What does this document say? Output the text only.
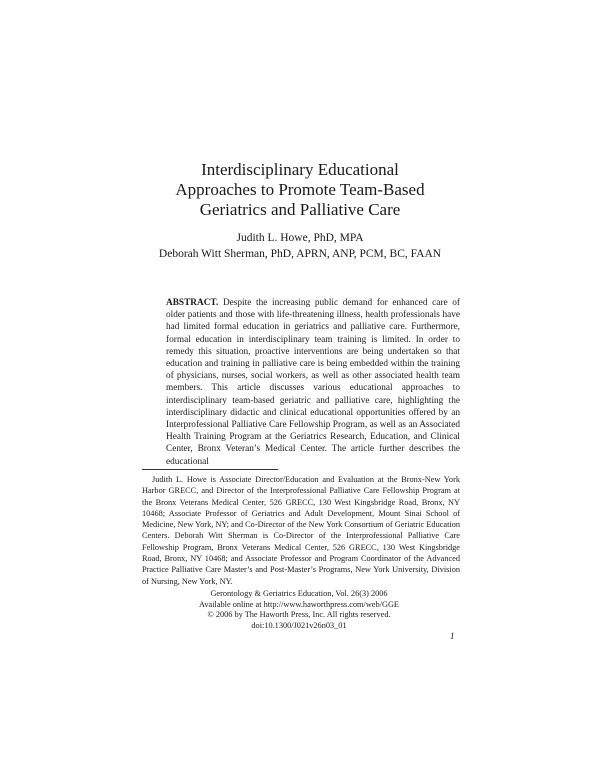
Interdisciplinary Educational
Approaches to Promote Team-Based
Geriatrics and Palliative Care
Judith L. Howe, PhD, MPA
Deborah Witt Sherman, PhD, APRN, ANP, PCM, BC, FAAN

ABSTRACT. Despite the increasing public demand for enhanced care of older patients and those with life-threatening illness, health professionals have had limited formal education in geriatrics and palliative care. Furthermore, formal education in interdisciplinary team training is limited. In order to remedy this situation, proactive interventions are being undertaken so that education and training in palliative care is being embedded within the training of physicians, nurses, social workers, as well as other associated health team members. This article discusses various educational approaches to interdisciplinary team-based geriatric and palliative care, highlighting the interdisciplinary didactic and clinical educational opportunities offered by an Interprofessional Palliative Care Fellowship Program, as well as an Associated Health Training Program at the Geriatrics Research, Education, and Clinical Center, Bronx Veteran’s Medical Center. The article further describes the educational

Judith L. Howe is Associate Director/Education and Evaluation at the Bronx-New York Harbor GRECC, and Director of the Interprofessional Palliative Care Fellowship Program at the Bronx Veterans Medical Center, 526 GRECC, 130 West Kingsbridge Road, Bronx, NY 10468; Associate Professor of Geriatrics and Adult Development, Mount Sinai School of Medicine, New York, NY; and Co-Director of the New York Consortium of Geriatric Education Centers. Deborah Witt Sherman is Co-Director of the Interprofessional Palliative Care Fellowship Program, Bronx Veterans Medical Center, 526 GRECC, 130 West Kingsbridge Road, Bronx, NY 10468; and Associate Professor and Program Coordinator of the Advanced Practice Palliative Care Master’s and Post-Master’s Programs, New York University, Division of Nursing, New York, NY.

Gerontology & Geriatrics Education, Vol. 26(3) 2006
Available online at http://www.haworthpress.com/web/GGE
© 2006 by The Haworth Press, Inc. All rights reserved.
doi:10.1300/J021v26n03_01
1
